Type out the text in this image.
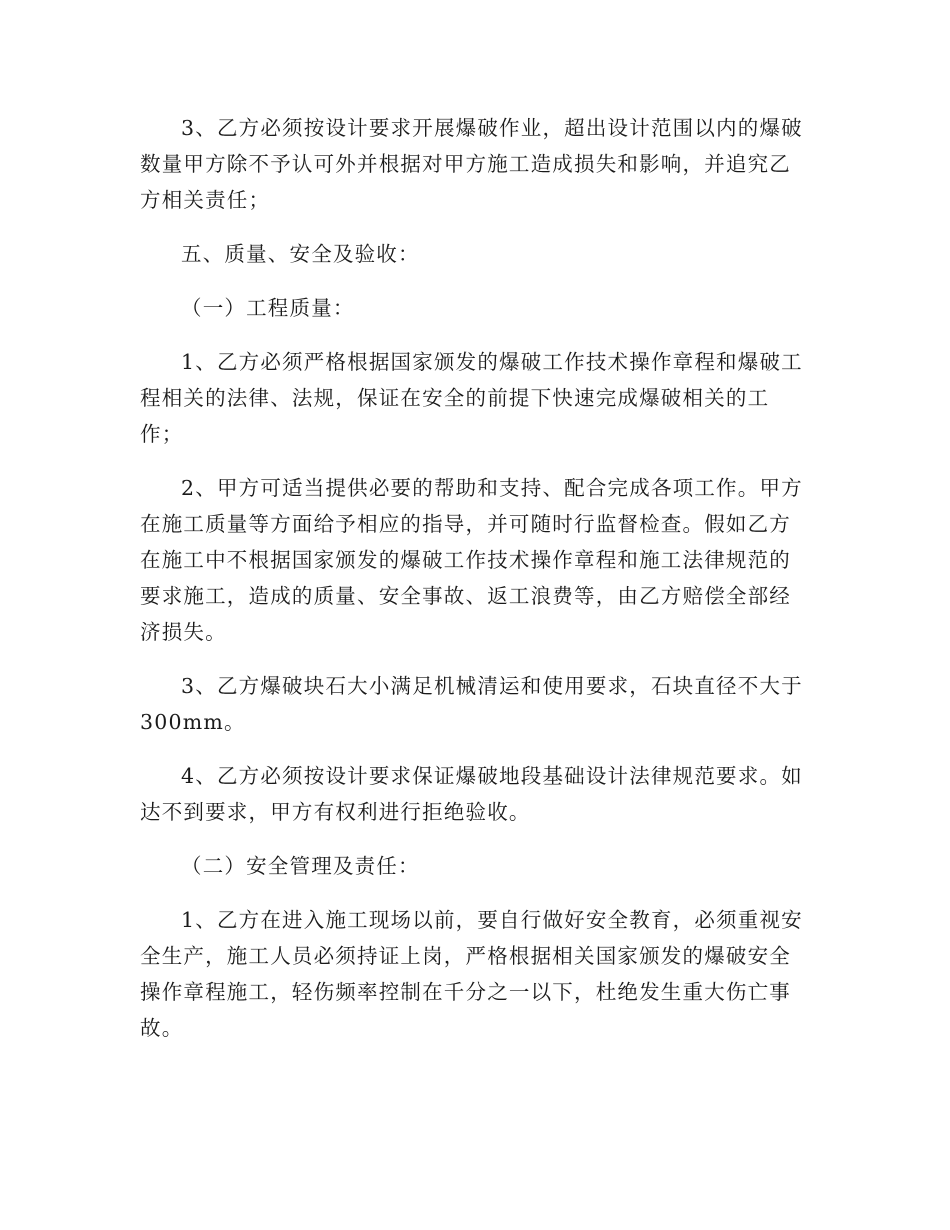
3、乙方必须按设计要求开展爆破作业，超出设计范围以内的爆破
数量甲方除不予认可外并根据对甲方施工造成损失和影响，并追究乙
方相关责任；

五、质量、安全及验收：

（一）工程质量：

1、乙方必须严格根据国家颁发的爆破工作技术操作章程和爆破工
程相关的法律、法规，保证在安全的前提下快速完成爆破相关的工
作；

2、甲方可适当提供必要的帮助和支持、配合完成各项工作。甲方
在施工质量等方面给予相应的指导，并可随时行监督检查。假如乙方
在施工中不根据国家颁发的爆破工作技术操作章程和施工法律规范的
要求施工，造成的质量、安全事故、返工浪费等，由乙方赔偿全部经
济损失。

3、乙方爆破块石大小满足机械清运和使用要求，石块直径不大于
300mm。

4、乙方必须按设计要求保证爆破地段基础设计法律规范要求。如
达不到要求，甲方有权利进行拒绝验收。

（二）安全管理及责任：

1、乙方在进入施工现场以前，要自行做好安全教育，必须重视安
全生产，施工人员必须持证上岗，严格根据相关国家颁发的爆破安全
操作章程施工，轻伤频率控制在千分之一以下，杜绝发生重大伤亡事
故。
